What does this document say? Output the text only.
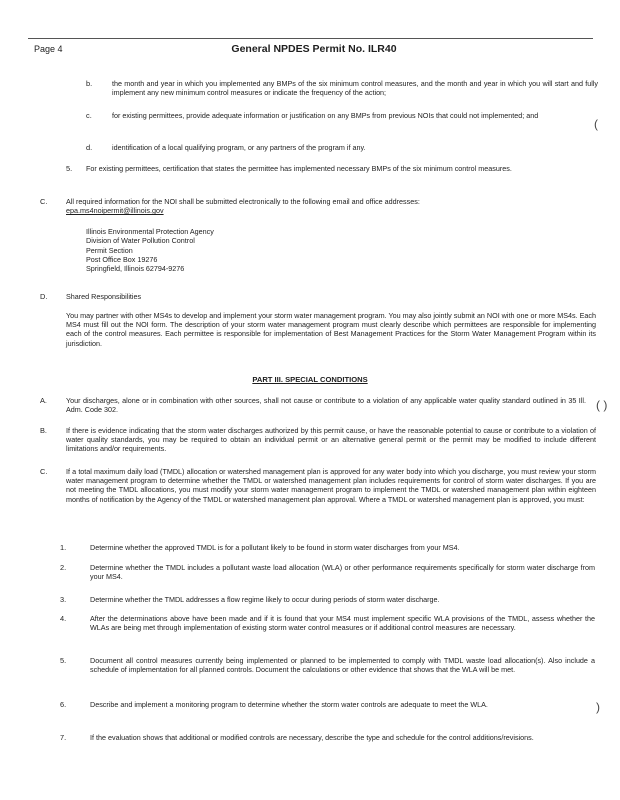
Page 4	General NPDES Permit No. ILR40
b.	the month and year in which you implemented any BMPs of the six minimum control measures, and the month and year in which you will start and fully implement any new minimum control measures or indicate the frequency of the action;
c.	for existing permittees, provide adequate information or justification on any BMPs from previous NOIs that could not implemented; and
d.	identification of a local qualifying program, or any partners of the program if any.
5. For existing permittees, certification that states the permittee has implemented necessary BMPs of the six minimum control measures.
C.	All required information for the NOI shall be submitted electronically to the following email and office addresses:
epa.ms4noipermit@illinois.gov
Illinois Environmental Protection Agency
Division of Water Pollution Control
Permit Section
Post Office Box 19276
Springfield, Illinois 62794-9276
D.	Shared Responsibilities
You may partner with other MS4s to develop and implement your storm water management program. You may also jointly submit an NOI with one or more MS4s. Each MS4 must fill out the NOI form. The description of your storm water management program must clearly describe which permittees are responsible for implementing each of the control measures. Each permittee is responsible for implementation of Best Management Practices for the Storm Water Management Program within its jurisdiction.
PART III. SPECIAL CONDITIONS
A.	Your discharges, alone or in combination with other sources, shall not cause or contribute to a violation of any applicable water quality standard outlined in 35 Ill. Adm. Code 302.
B.	If there is evidence indicating that the storm water discharges authorized by this permit cause, or have the reasonable potential to cause or contribute to a violation of water quality standards, you may be required to obtain an individual permit or an alternative general permit or the permit may be modified to include different limitations and/or requirements.
C.	If a total maximum daily load (TMDL) allocation or watershed management plan is approved for any water body into which you discharge, you must review your storm water management program to determine whether the TMDL or watershed management plan includes requirements for control of storm water discharges. If you are not meeting the TMDL allocations, you must modify your storm water management program to implement the TMDL or watershed management plan within eighteen months of notification by the Agency of the TMDL or watershed management plan approval. Where a TMDL or watershed management plan is approved, you must:
1.	Determine whether the approved TMDL is for a pollutant likely to be found in storm water discharges from your MS4.
2.	Determine whether the TMDL includes a pollutant waste load allocation (WLA) or other performance requirements specifically for storm water discharge from your MS4.
3.	Determine whether the TMDL addresses a flow regime likely to occur during periods of storm water discharge.
4.	After the determinations above have been made and if it is found that your MS4 must implement specific WLA provisions of the TMDL, assess whether the WLAs are being met through implementation of existing storm water control measures or if additional control measures are necessary.
5.	Document all control measures currently being implemented or planned to be implemented to comply with TMDL waste load allocation(s). Also include a schedule of implementation for all planned controls. Document the calculations or other evidence that shows that the WLA will be met.
6.	Describe and implement a monitoring program to determine whether the storm water controls are adequate to meet the WLA.
7.	If the evaluation shows that additional or modified controls are necessary, describe the type and schedule for the control additions/revisions.
(
( )
)
